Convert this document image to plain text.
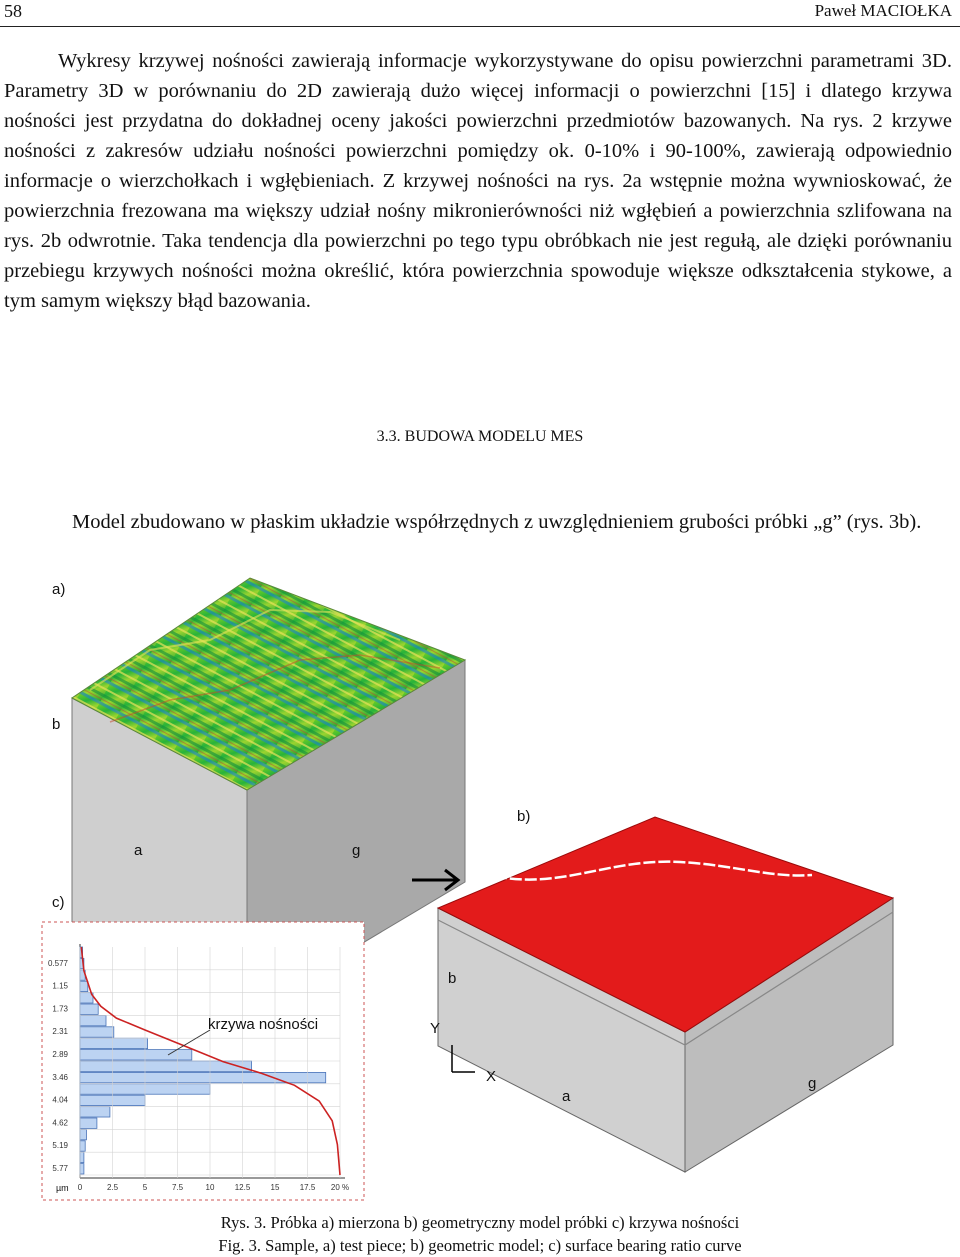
58	Paweł MACIOŁKA

Wykresy krzywej nośności zawierają informacje wykorzystywane do opisu powierzchni parametrami 3D. Parametry 3D w porównaniu do 2D zawierają dużo więcej informacji o powierzchni [15] i dlatego krzywa nośności jest przydatna do dokładnej oceny jakości powierzchni przedmiotów bazowanych. Na rys. 2 krzywe nośności z zakresów udziału nośności powierzchni pomiędzy ok. 0-10% i 90-100%, zawierają odpowiednio informacje o wierzchołkach i wgłębieniach. Z krzywej nośności na rys. 2a wstępnie można wywnioskować, że powierzchnia frezowana ma większy udział nośny mikronierówności niż wgłębień a powierzchnia szlifowana na rys. 2b odwrotnie. Taka tendencja dla powierzchni po tego typu obróbkach nie jest regułą, ale dzięki porównaniu przebiegu krzywych nośności można określić, która powierzchnia spowoduje większe odkształcenia stykowe, a tym samym większy błąd bazowania.

3.3. BUDOWA MODELU MES

Model zbudowano w płaskim układzie współrzędnych z uwzględnieniem grubości próbki „g” (rys. 3b).

0.577
1.15
1.73
2.31
2.89
3.46
4.04
4.62
5.19
5.77
0	2.5	5	7.5	10	12.5	15	17.5 20 %
a)
b
a	g
b)
b
Y
X
a
g
c)
krzywa nośności
µm
Rys. 3. Próbka a) mierzona b) geometryczny model próbki c) krzywa nośności
Fig. 3. Sample, a) test piece; b) geometric model; c) surface bearing ratio curve
